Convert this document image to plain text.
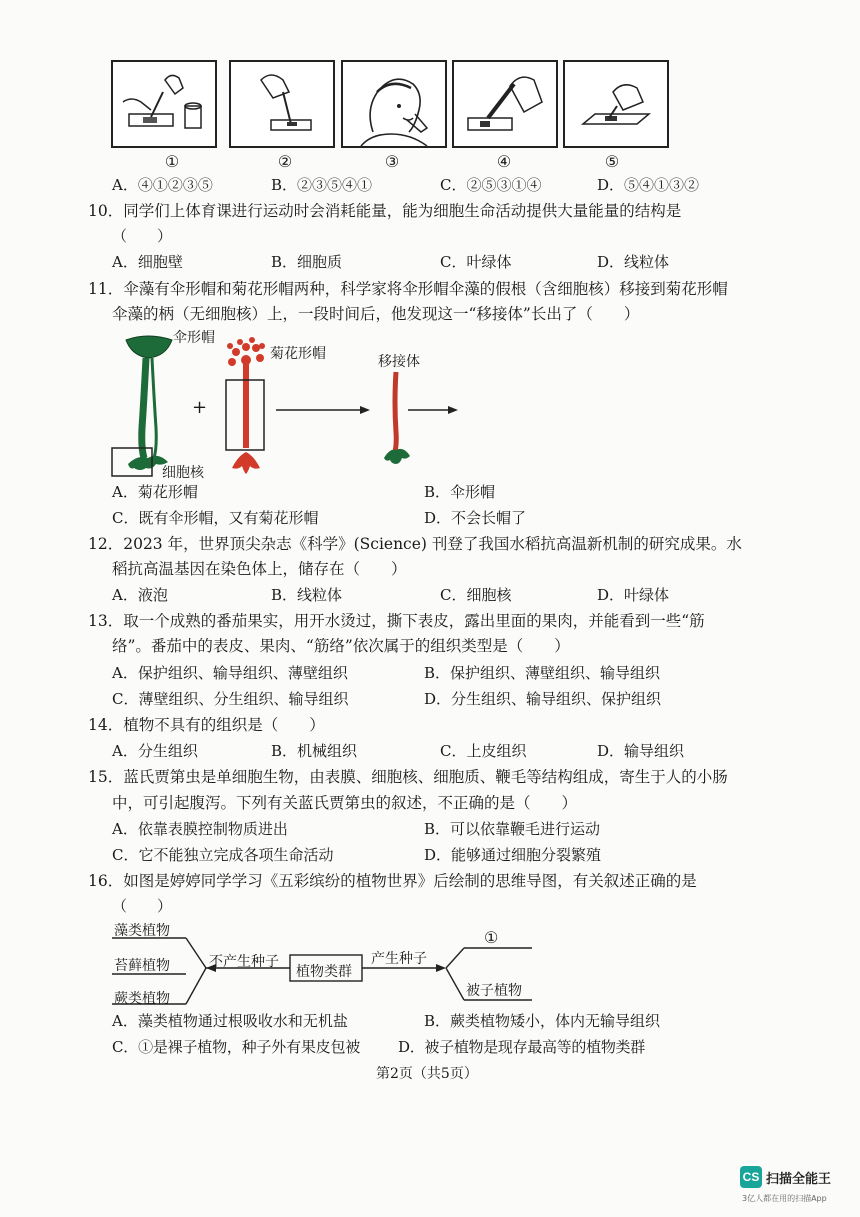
①	②	③	④	⑤
A．④①②③⑤	B．②③⑤④①	C．②⑤③①④	D．⑤④①③②
10．同学们上体育课进行运动时会消耗能量，能为细胞生命活动提供大量能量的结构是
（　　）
A．细胞壁	B．细胞质	C．叶绿体	D．线粒体
11．伞藻有伞形帽和菊花形帽两种，科学家将伞形帽伞藻的假根（含细胞核）移接到菊花形帽
伞藻的柄（无细胞核）上，一段时间后，他发现这一“移接体”长出了（　　）
伞形帽
菊花形帽	移接体
细胞核
+
A．菊花形帽	B．伞形帽
C．既有伞形帽，又有菊花形帽	D．不会长帽了
12．2023 年，世界顶尖杂志《科学》(Science) 刊登了我国水稻抗高温新机制的研究成果。水
稻抗高温基因在染色体上，储存在（　　）
A．液泡	B．线粒体	C．细胞核	D．叶绿体
13．取一个成熟的番茄果实，用开水烫过，撕下表皮，露出里面的果肉，并能看到一些“筋
络”。番茄中的表皮、果肉、“筋络”依次属于的组织类型是（　　）
A．保护组织、输导组织、薄壁组织	B．保护组织、薄壁组织、输导组织
C．薄壁组织、分生组织、输导组织	D．分生组织、输导组织、保护组织
14．植物不具有的组织是（　　）
A．分生组织	B．机械组织	C．上皮组织	D．输导组织
15．蓝氏贾第虫是单细胞生物，由表膜、细胞核、细胞质、鞭毛等结构组成，寄生于人的小肠
中，可引起腹泻。下列有关蓝氏贾第虫的叙述，不正确的是（　　）
A．依靠表膜控制物质进出	B．可以依靠鞭毛进行运动
C．它不能独立完成各项生命活动	D．能够通过细胞分裂繁殖
16．如图是婷婷同学学习《五彩缤纷的植物世界》后绘制的思维导图，有关叙述正确的是
（　　）
藻类植物
苔藓植物
蕨类植物
不产生种子
植物类群
产生种子
①
被子植物
A．藻类植物通过根吸收水和无机盐	B．蕨类植物矮小，体内无输导组织
C．①是裸子植物，种子外有果皮包被	D．被子植物是现存最高等的植物类群
第2页（共5页）
CS 扫描全能王
3亿人都在用的扫描App
